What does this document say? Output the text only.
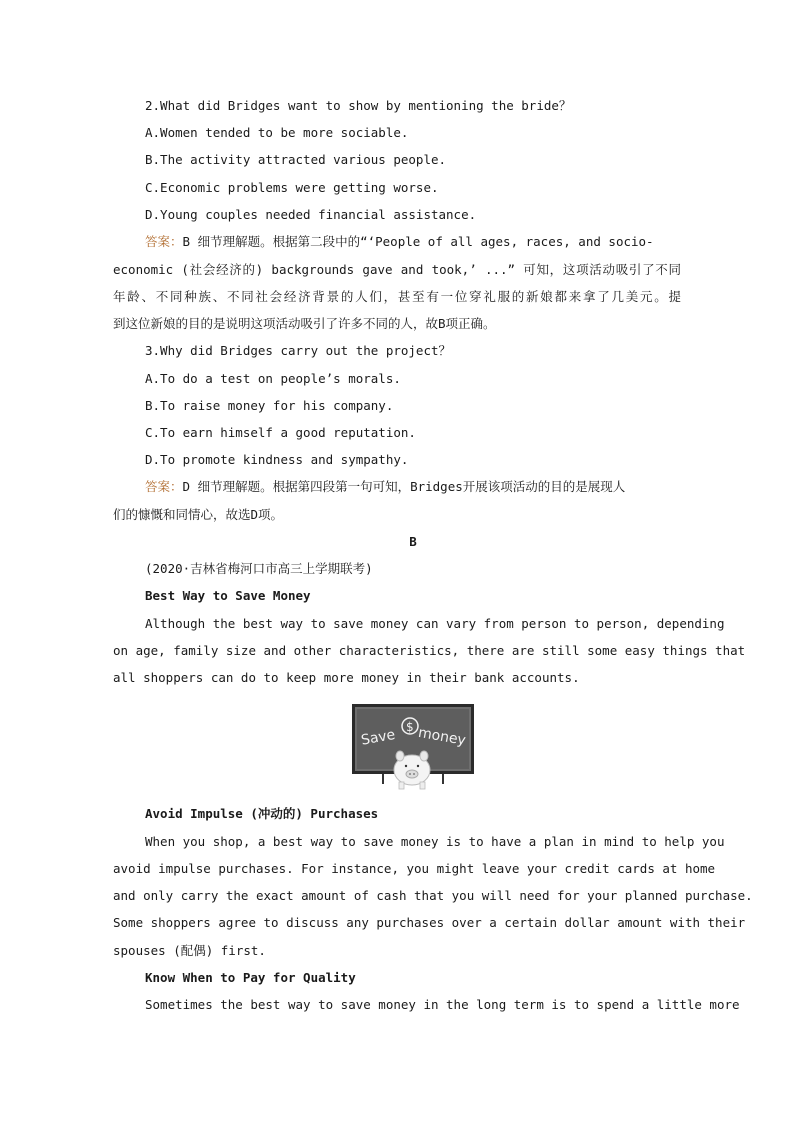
2.What did Bridges want to show by mentioning the bride？
A.Women tended to be more sociable.
B.The activity attracted various people.
C.Economic problems were getting worse.
D.Young couples needed financial assistance.
答案：B 细节理解题。根据第二段中的“‘People of all ages, races, and socio-
economic (社会经济的) backgrounds gave and took,’ ...” 可知，这项活动吸引了不同
年龄、不同种族、不同社会经济背景的人们，甚至有一位穿礼服的新娘都来拿了几美元。提
到这位新娘的目的是说明这项活动吸引了许多不同的人，故B项正确。
3.Why did Bridges carry out the project？
A.To do a test on people’s morals.
B.To raise money for his company.
C.To earn himself a good reputation.
D.To promote kindness and sympathy.
答案：D 细节理解题。根据第四段第一句可知，Bridges开展该项活动的目的是展现人
们的慷慨和同情心，故选D项。
B
(2020·吉林省梅河口市高三上学期联考)
Best Way to Save Money
Although the best way to save money can vary from person to person, depending
on age, family size and other characteristics, there are still some easy things that
all shoppers can do to keep more money in their bank accounts.
Save $ money
Avoid Impulse (冲动的) Purchases
When you shop, a best way to save money is to have a plan in mind to help you
avoid impulse purchases. For instance, you might leave your credit cards at home
and only carry the exact amount of cash that you will need for your planned purchase.
Some shoppers agree to discuss any purchases over a certain dollar amount with their
spouses (配偶) first.
Know When to Pay for Quality
Sometimes the best way to save money in the long term is to spend a little more
